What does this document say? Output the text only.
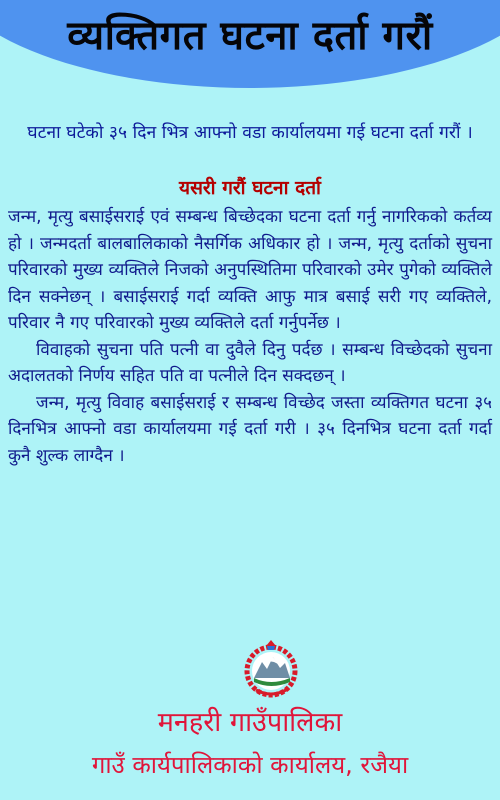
व्यक्तिगत घटना दर्ता गरौं
घटना घटेको ३५ दिन भित्र आफ्नो वडा कार्यालयमा गई घटना दर्ता गरौं ।
यसरी गरौं घटना दर्ता

जन्म, मृत्यु बसाईसराई एवं सम्बन्ध बिच्छेदका घटना दर्ता गर्नु नागरिकको कर्तव्य हो । जन्मदर्ता बालबालिकाको नैसर्गिक अधिकार हो । जन्म, मृत्यु दर्ताको सुचना परिवारको मुख्य व्यक्तिले निजको अनुपस्थितिमा परिवारको उमेर पुगेको व्यक्तिले दिन सक्नेछन् । बसाईसराई गर्दा व्यक्ति आफु मात्र बसाई सरी गए व्यक्तिले, परिवार नै गए परिवारको मुख्य व्यक्तिले दर्ता गर्नुपर्नेछ ।

विवाहको सुचना पति पत्नी वा दुवैले दिनु पर्दछ । सम्बन्ध विच्छेदको सुचना अदालतको निर्णय सहित पति वा पत्नीले दिन सक्दछन् ।

जन्म, मृत्यु विवाह बसाईसराई र सम्बन्ध विच्छेद जस्ता व्यक्तिगत घटना ३५ दिनभित्र आफ्नो वडा कार्यालयमा गई दर्ता गरी । ३५ दिनभित्र घटना दर्ता गर्दा कुनै शुल्क लाग्दैन ।

मनहरी गाउँपालिका
गाउँ कार्यपालिकाको कार्यालय, रजैया
